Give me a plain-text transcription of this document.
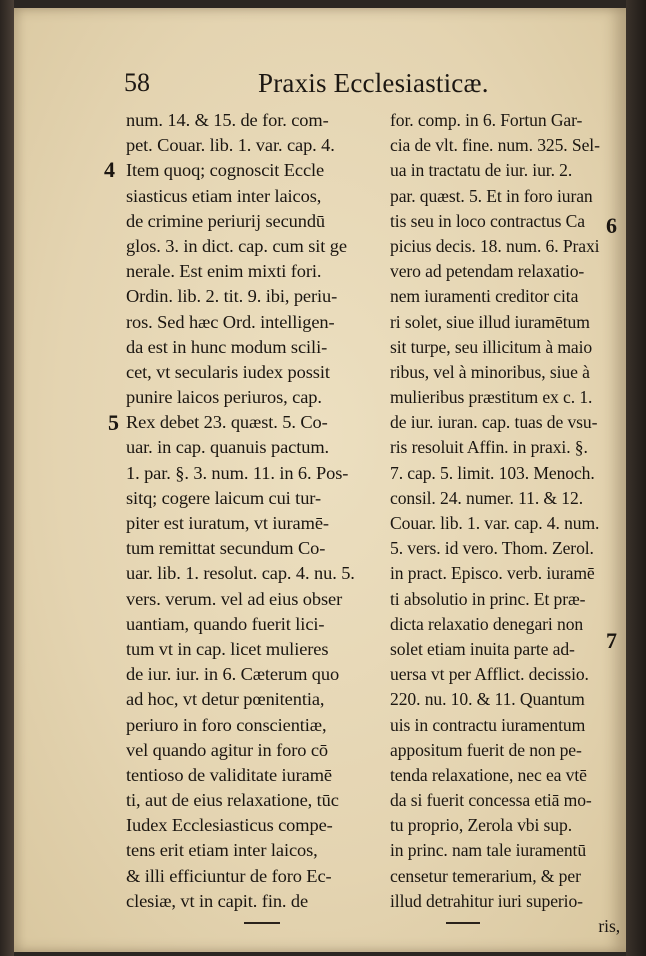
58	Praxis Ecclesiasticæ.
4
5
6
7
num. 14. & 15. de for. com-
pet. Couar. lib. 1. var. cap. 4.
Item quoq; cognoscit Eccle
siasticus etiam inter laicos,
de crimine periurij secundū
glos. 3. in dict. cap. cum sit ge
nerale. Est enim mixti fori.
Ordin. lib. 2. tit. 9. ibi, periu-
ros. Sed hæc Ord. intelligen-
da est in hunc modum scili-
cet, vt secularis iudex possit
punire laicos periuros, cap.
Rex debet 23. quæst. 5. Co-
uar. in cap. quanuis pactum.
1. par. §. 3. num. 11. in 6. Pos-
sitq; cogere laicum cui tur-
piter est iuratum, vt iuramē-
tum remittat secundum Co-
uar. lib. 1. resolut. cap. 4. nu. 5.
vers. verum. vel ad eius obser
uantiam, quando fuerit lici-
tum vt in cap. licet mulieres
de iur. iur. in 6. Cæterum quo
ad hoc, vt detur pœnitentia,
periuro in foro conscientiæ,
vel quando agitur in foro cō
tentioso de validitate iuramē
ti, aut de eius relaxatione, tūc
Iudex Ecclesiasticus compe-
tens erit etiam inter laicos,
& illi efficiuntur de foro Ec-
clesiæ, vt in capit. fin. de
for. comp. in 6. Fortun Gar-
cia de vlt. fine. num. 325. Sel-
ua in tractatu de iur. iur. 2.
par. quæst. 5. Et in foro iuran
tis seu in loco contractus Ca
picius decis. 18. num. 6. Praxi
vero ad petendam relaxatio-
nem iuramenti creditor cita
ri solet, siue illud iuramētum
sit turpe, seu illicitum à maio
ribus, vel à minoribus, siue à
mulieribus præstitum ex c. 1.
de iur. iuran. cap. tuas de vsu-
ris resoluit Affin. in praxi. §.
7. cap. 5. limit. 103. Menoch.
consil. 24. numer. 11. & 12.
Couar. lib. 1. var. cap. 4. num.
5. vers. id vero. Thom. Zerol.
in pract. Episco. verb. iuramē
ti absolutio in princ. Et præ-
dicta relaxatio denegari non
solet etiam inuita parte ad-
uersa vt per Afflict. decissio.
220. nu. 10. & 11. Quantum
uis in contractu iuramentum
appositum fuerit de non pe-
tenda relaxatione, nec ea vtē
da si fuerit concessa etiā mo-
tu proprio, Zerola vbi sup.
in princ. nam tale iuramentū
censetur temerarium, & per
illud detrahitur iuri superio-
ris,
